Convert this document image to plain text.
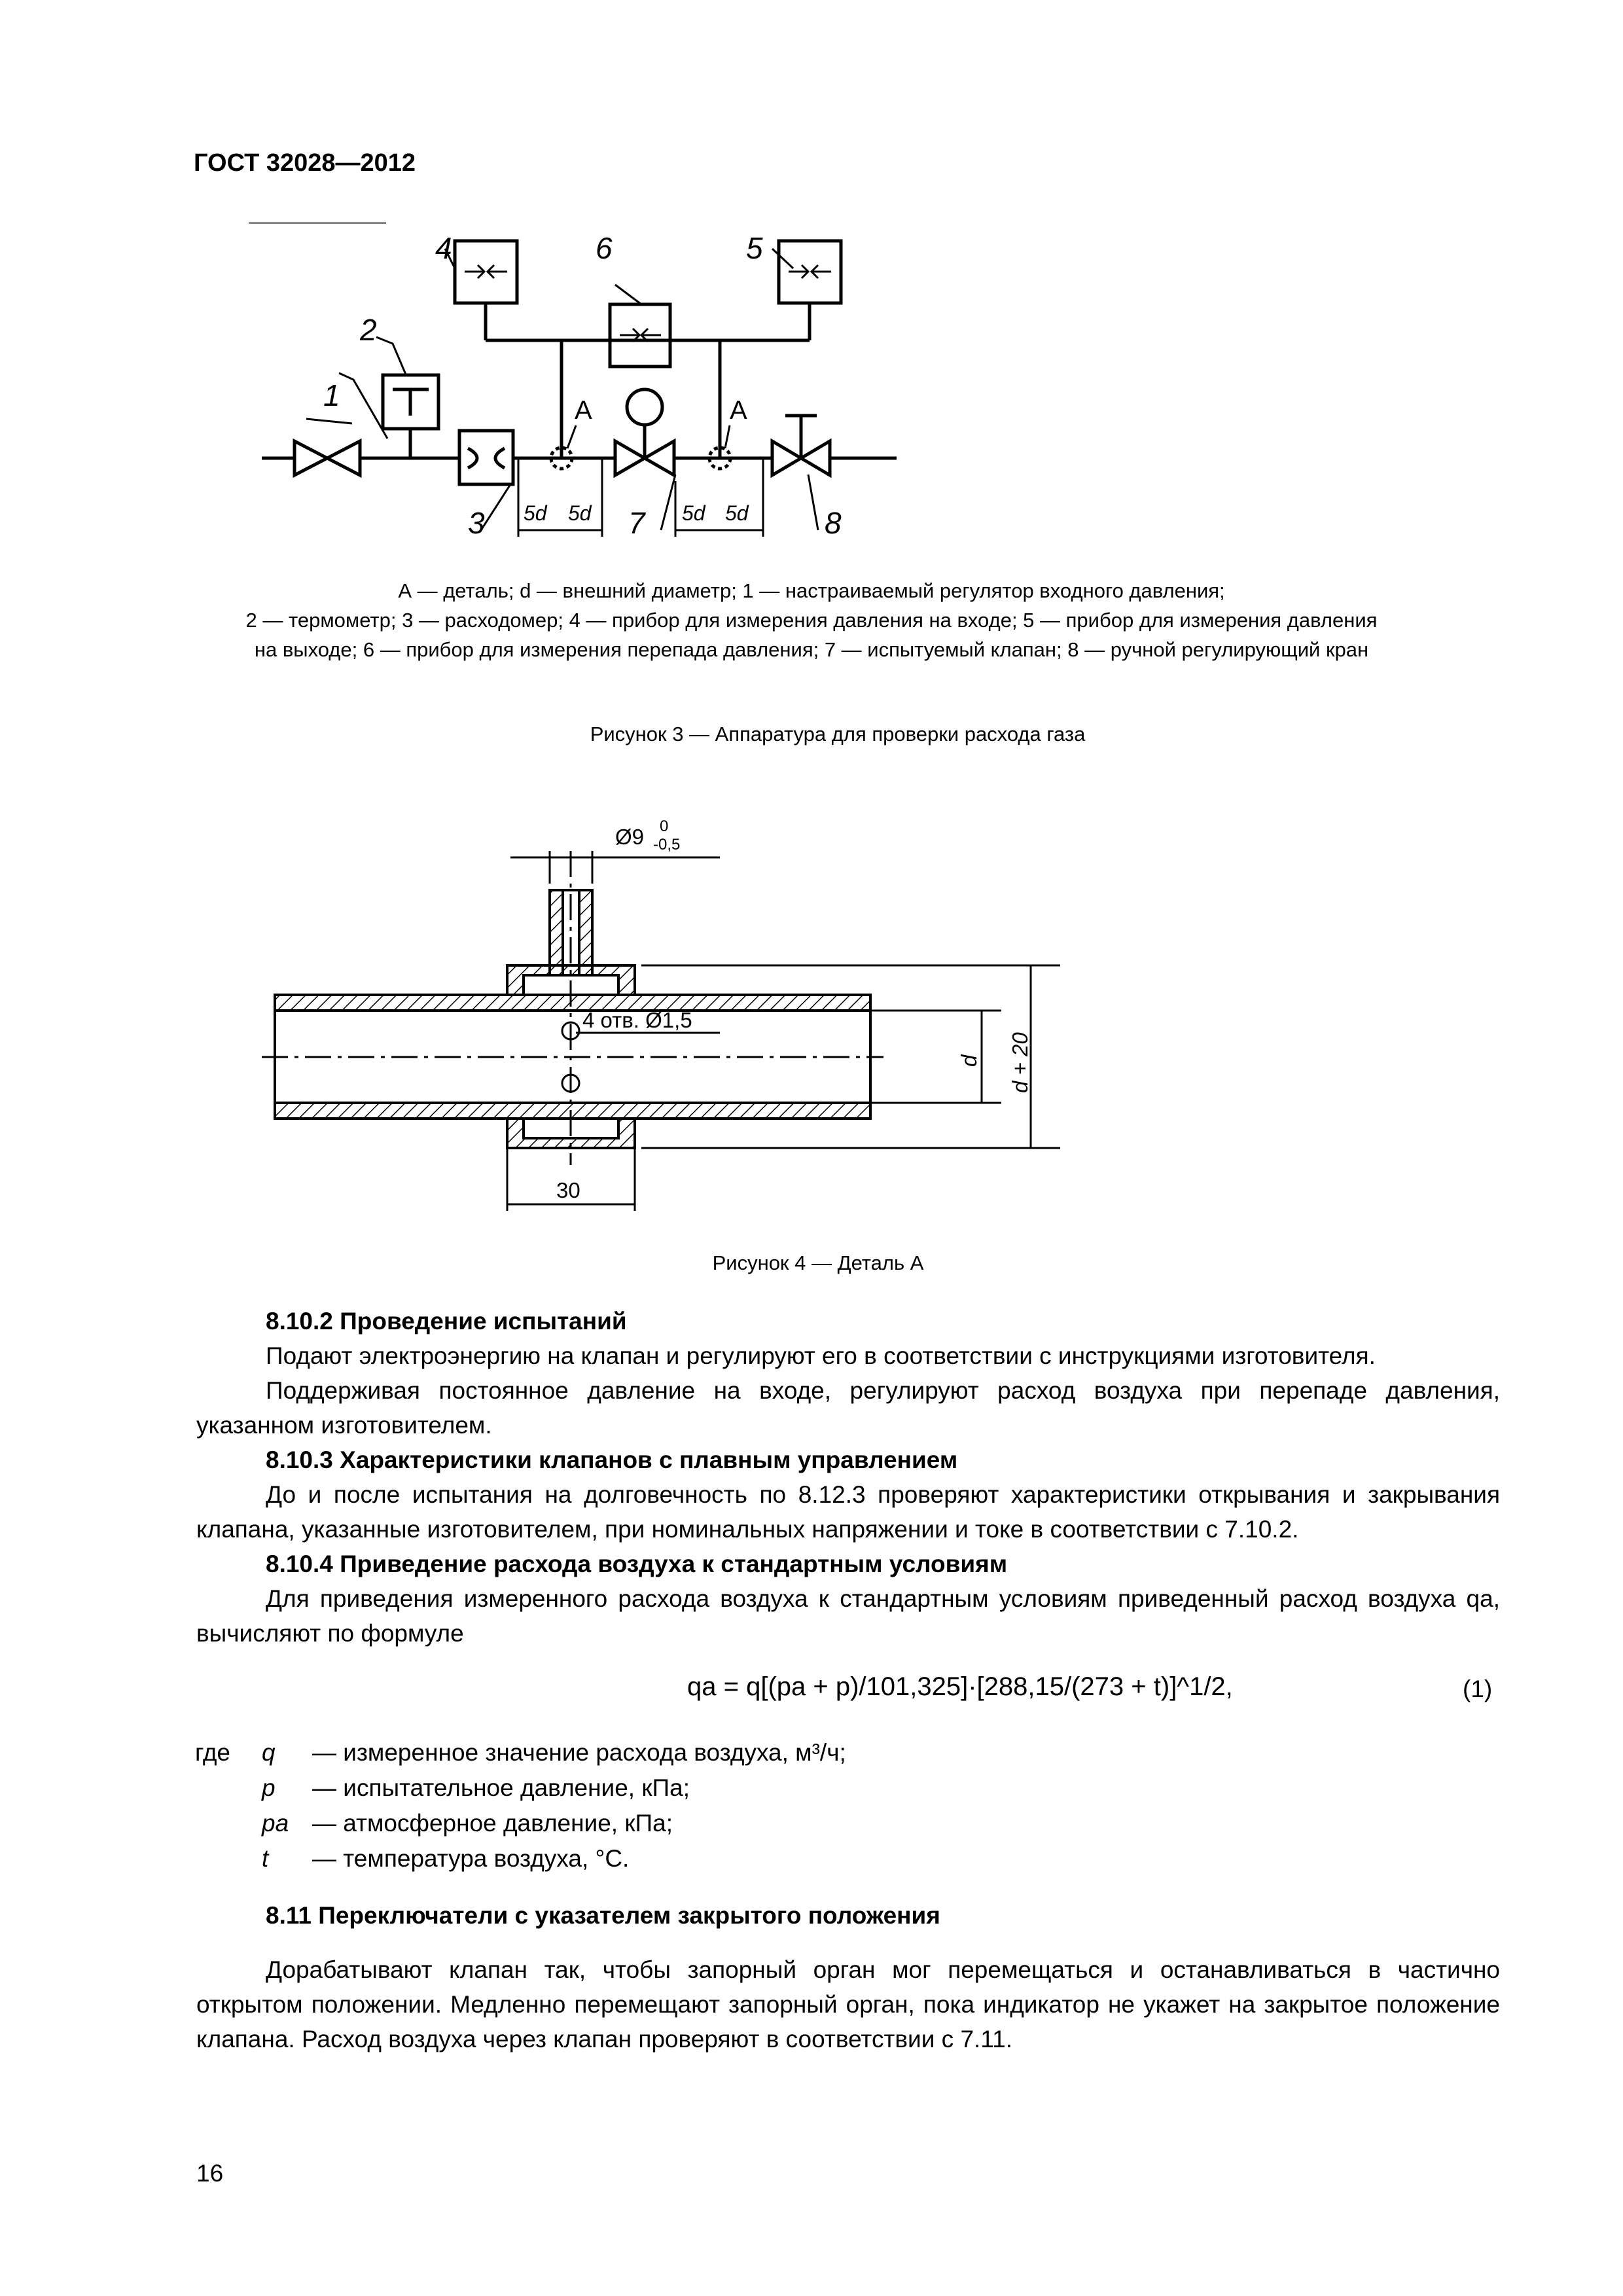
ГОСТ 32028—2012
2
1
3
4	6	5
7	8
А	А
5d 5d	5d 5d
А — деталь; d — внешний диаметр; 1 — настраиваемый регулятор входного давления;
2 — термометр; 3 — расходомер; 4 — прибор для измерения давления на входе; 5 — прибор для измерения давления
на выходе; 6 — прибор для измерения перепада давления; 7 — испытуемый клапан; 8 — ручной регулирующий кран
Рисунок 3 — Аппаратура для проверки расхода газа
Ø9 0
-0,5
4 отв. Ø1,5
30
d d + 20
Рисунок 4 — Деталь А
8.10.2 Проведение испытаний
Подают электроэнергию на клапан и регулируют его в соответствии с инструкциями изготовителя.
Поддерживая постоянное давление на входе, регулируют расход воздуха при перепаде давления, указанном изготовителем.
8.10.3 Характеристики клапанов с плавным управлением
До и после испытания на долговечность по 8.12.3 проверяют характеристики открывания и закрывания клапана, указанные изготовителем, при номинальных напряжении и токе в соответствии с 7.10.2.
8.10.4 Приведение расхода воздуха к стандартным условиям
Для приведения измеренного расхода воздуха к стандартным условиям приведенный расход воздуха qa, вычисляют по формуле
qa = q[(pa + p)/101,325]·[288,15/(273 + t)]^1/2,	(1)
где	q	— измеренное значение расхода воздуха, м³/ч;
	p	— испытательное давление, кПа;
	pa	— атмосферное давление, кПа;
	t	— температура воздуха, °С.
8.11 Переключатели с указателем закрытого положения
Дорабатывают клапан так, чтобы запорный орган мог перемещаться и останавливаться в частично открытом положении. Медленно перемещают запорный орган, пока индикатор не укажет на закрытое положение клапана. Расход воздуха через клапан проверяют в соответствии с 7.11.
16
